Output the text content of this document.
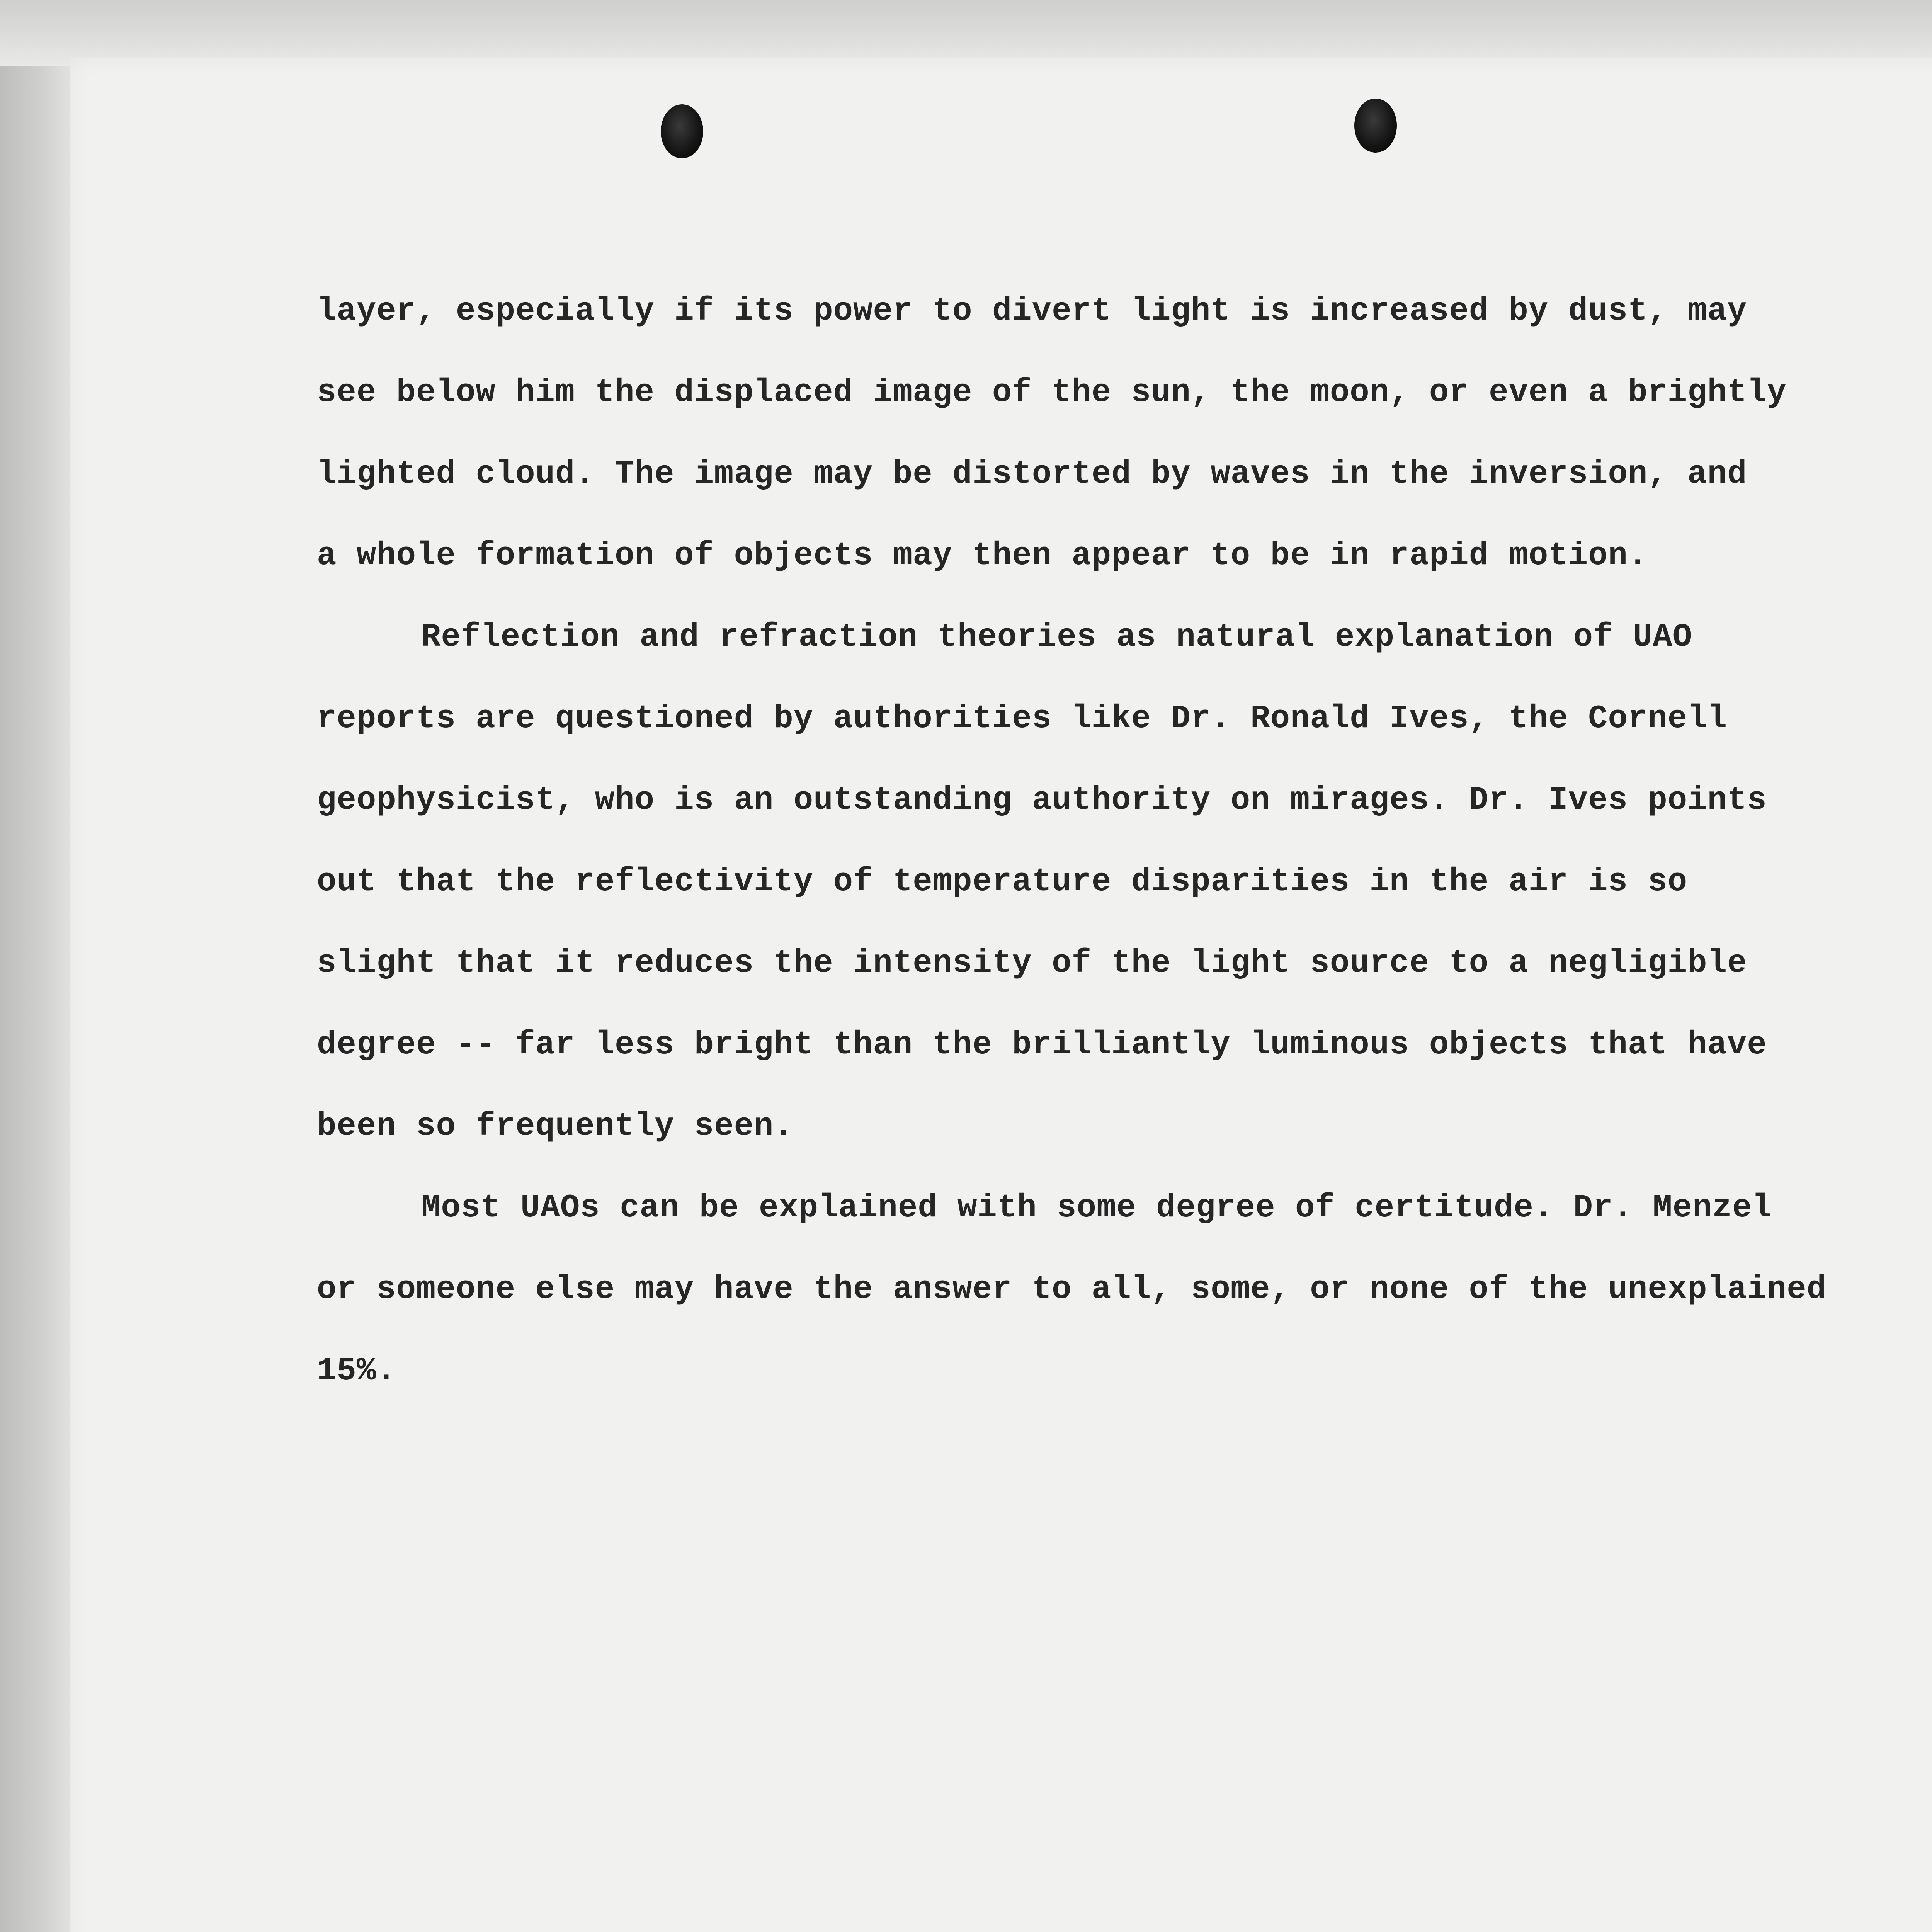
layer, especially if its power to divert light is increased by dust, may
see below him the displaced image of the sun, the moon, or even a brightly
lighted cloud. The image may be distorted by waves in the inversion, and
a whole formation of objects may then appear to be in rapid motion.

Reflection and refraction theories as natural explanation of UAO
reports are questioned by authorities like Dr. Ronald Ives, the Cornell
geophysicist, who is an outstanding authority on mirages. Dr. Ives points
out that the reflectivity of temperature disparities in the air is so
slight that it reduces the intensity of the light source to a negligible
degree -- far less bright than the brilliantly luminous objects that have
been so frequently seen.

Most UAOs can be explained with some degree of certitude. Dr. Menzel
or someone else may have the answer to all, some, or none of the unexplained
15%.
